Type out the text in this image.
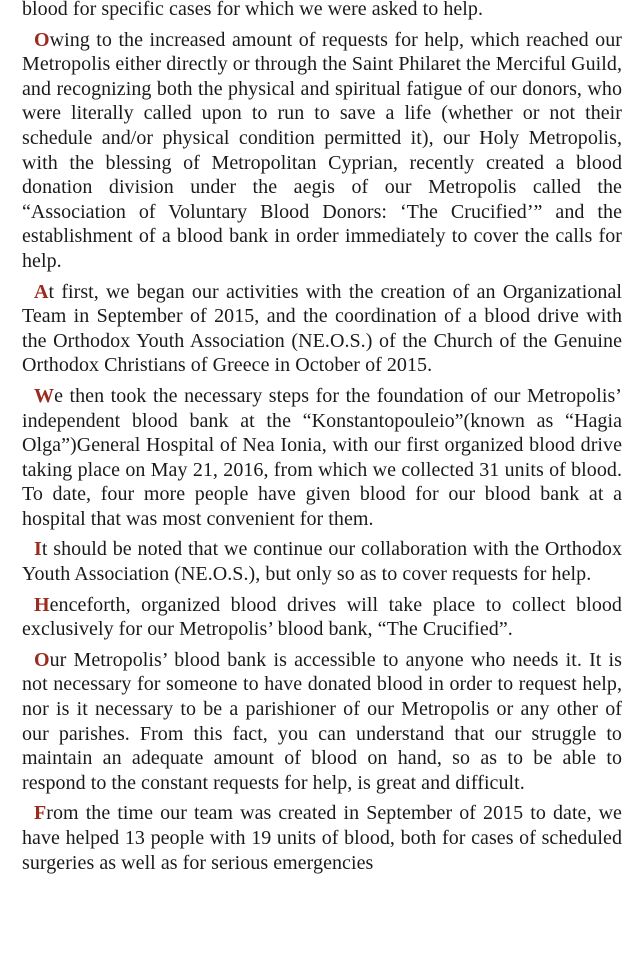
blood for specific cases for which we were asked to help.

Owing to the increased amount of requests for help, which reached our Metropolis either directly or through the Saint Philaret the Merciful Guild, and recognizing both the physical and spiritual fatigue of our donors, who were literally called upon to run to save a life (whether or not their schedule and/or physical condition permitted it), our Holy Metropolis, with the blessing of Metropolitan Cyprian, recently created a blood donation division under the aegis of our Metropolis called the “Association of Voluntary Blood Donors: ‘The Crucified’” and the establishment of a blood bank in order immediately to cover the calls for help.

At first, we began our activities with the creation of an Organizational Team in September of 2015, and the coordination of a blood drive with the Orthodox Youth Association (NE.O.S.) of the Church of the Genuine Orthodox Christians of Greece in October of 2015.

We then took the necessary steps for the foundation of our Metropolis’ independent blood bank at the “Konstantopouleio”(known as “Hagia Olga”)General Hospital of Nea Ionia, with our first organized blood drive taking place on May 21, 2016, from which we collected 31 units of blood. To date, four more people have given blood for our blood bank at a hospital that was most convenient for them.

It should be noted that we continue our collaboration with the Orthodox Youth Association (NE.O.S.), but only so as to cover requests for help.

Henceforth, organized blood drives will take place to collect blood exclusively for our Metropolis’ blood bank, “The Crucified”.

Our Metropolis’ blood bank is accessible to anyone who needs it. It is not necessary for someone to have donated blood in order to request help, nor is it necessary to be a parishioner of our Metropolis or any other of our parishes. From this fact, you can understand that our struggle to maintain an adequate amount of blood on hand, so as to be able to respond to the constant requests for help, is great and difficult.

From the time our team was created in September of 2015 to date, we have helped 13 people with 19 units of blood, both for cases of scheduled surgeries as well as for serious emergencies
